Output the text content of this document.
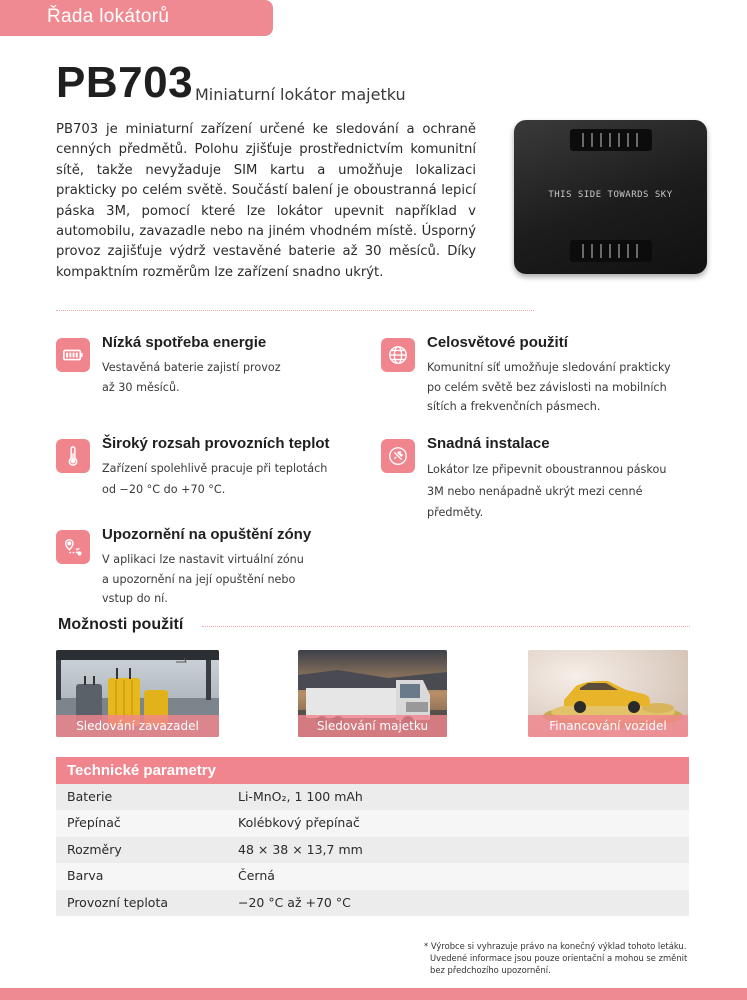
Řada lokátorů
PB703 Miniaturní lokátor majetku

PB703 je miniaturní zařízení určené ke sledování a ochraně cenných předmětů. Polohu zjišťuje prostřednictvím komunitní sítě, takže nevyžaduje SIM kartu a umožňuje lokalizaci prakticky po celém světě. Součástí balení je oboustranná lepicí páska 3M, pomocí které lze lokátor upevnit například v automobilu, zavazadle nebo na jiném vhodném místě. Úsporný provoz zajišťuje výdrž vestavěné baterie až 30 měsíců. Díky kompaktním rozměrům lze zařízení snadno ukrýt.

THIS SIDE TOWARDS SKY
Nízká spotřeba energie
Vestavěná baterie zajistí provoz
až 30 měsíců.
Celosvětové použití
Komunitní síť umožňuje sledování prakticky
po celém světě bez závislosti na mobilních
sítích a frekvenčních pásmech.
Široký rozsah provozních teplot
Zařízení spolehlivě pracuje při teplotách
od −20 °C do +70 °C.
Snadná instalace
Lokátor lze připevnit oboustrannou páskou
3M nebo nenápadně ukrýt mezi cenné
předměty.
Upozornění na opuštění zóny
V aplikaci lze nastavit virtuální zónu
a upozornění na její opuštění nebo
vstup do ní.
Možnosti použití
Sledování zavazadel	Sledování majetku	Financování vozidel
Technické parametry
Baterie	Li-MnO₂, 1 100 mAh
Přepínač	Kolébkový přepínač
Rozměry	48 × 38 × 13,7 mm
Barva	Černá
Provozní teplota	−20 °C až +70 °C
* Výrobce si vyhrazuje právo na konečný výklad tohoto letáku.
Uvedené informace jsou pouze orientační a mohou se změnit
bez předchozího upozornění.
